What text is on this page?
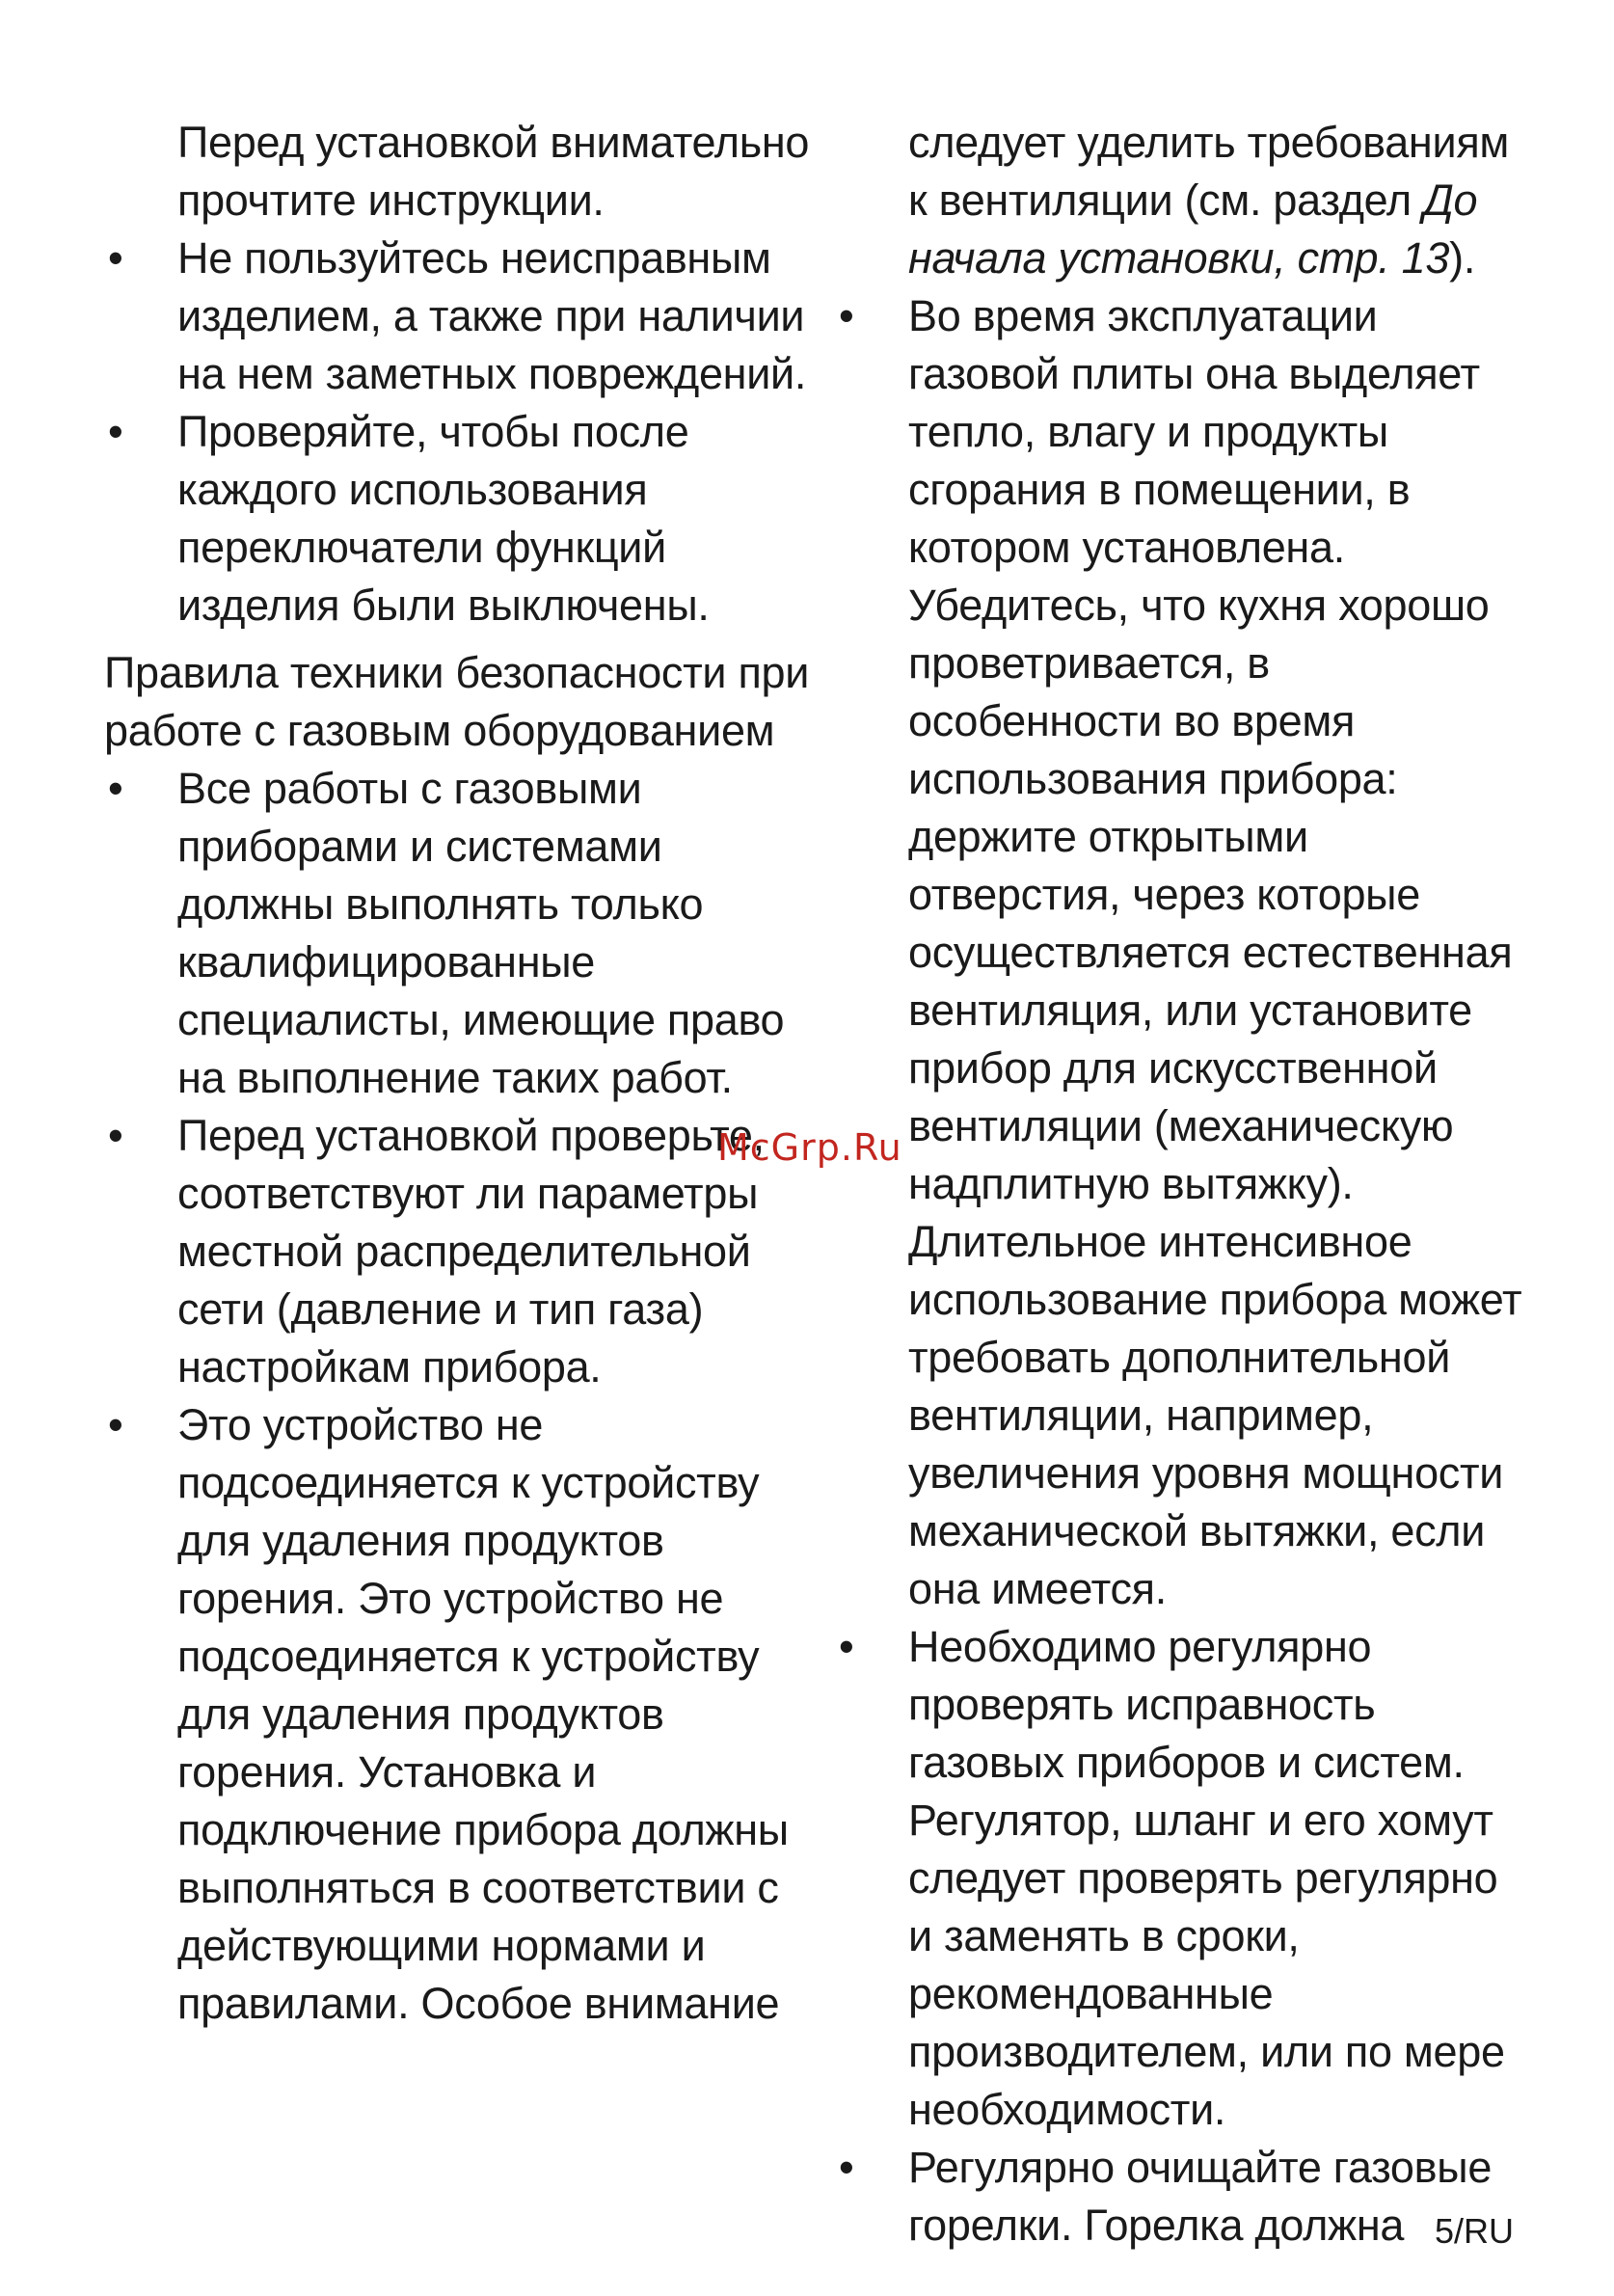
Перед установкой внимательно прочтите инструкции.

• Не пользуйтесь неисправным изделием, а также при наличии на нем заметных повреждений.

• Проверяйте, чтобы после каждого использования переключатели функций изделия были выключены.

Правила техники безопасности при работе с газовым оборудованием

• Все работы с газовыми приборами и системами должны выполнять только квалифицированные специалисты, имеющие право на выполнение таких работ.

• Перед установкой проверьте, соответствуют ли параметры местной распределительной сети (давление и тип газа) настройкам прибора.

• Это устройство не подсоединяется к устройству для удаления продуктов горения. Это устройство не подсоединяется к устройству для удаления продуктов горения. Установка и подключение прибора должны выполняться в соответствии с действующими нормами и правилами. Особое внимание

следует уделить требованиям к вентиляции (см. раздел До начала установки, стр. 13).

• Во время эксплуатации газовой плиты она выделяет тепло, влагу и продукты сгорания в помещении, в котором установлена. Убедитесь, что кухня хорошо проветривается, в особенности во время использования прибора: держите открытыми отверстия, через которые осуществляется естественная вентиляция, или установите прибор для искусственной вентиляции (механическую надплитную вытяжку). Длительное интенсивное использование прибора может требовать дополнительной вентиляции, например, увеличения уровня мощности механической вытяжки, если она имеется.

• Необходимо регулярно проверять исправность газовых приборов и систем. Регулятор, шланг и его хомут следует проверять регулярно и заменять в сроки, рекомендованные производителем, или по мере необходимости.

• Регулярно очищайте газовые горелки. Горелка должна

McGrp.Ru
5/RU
